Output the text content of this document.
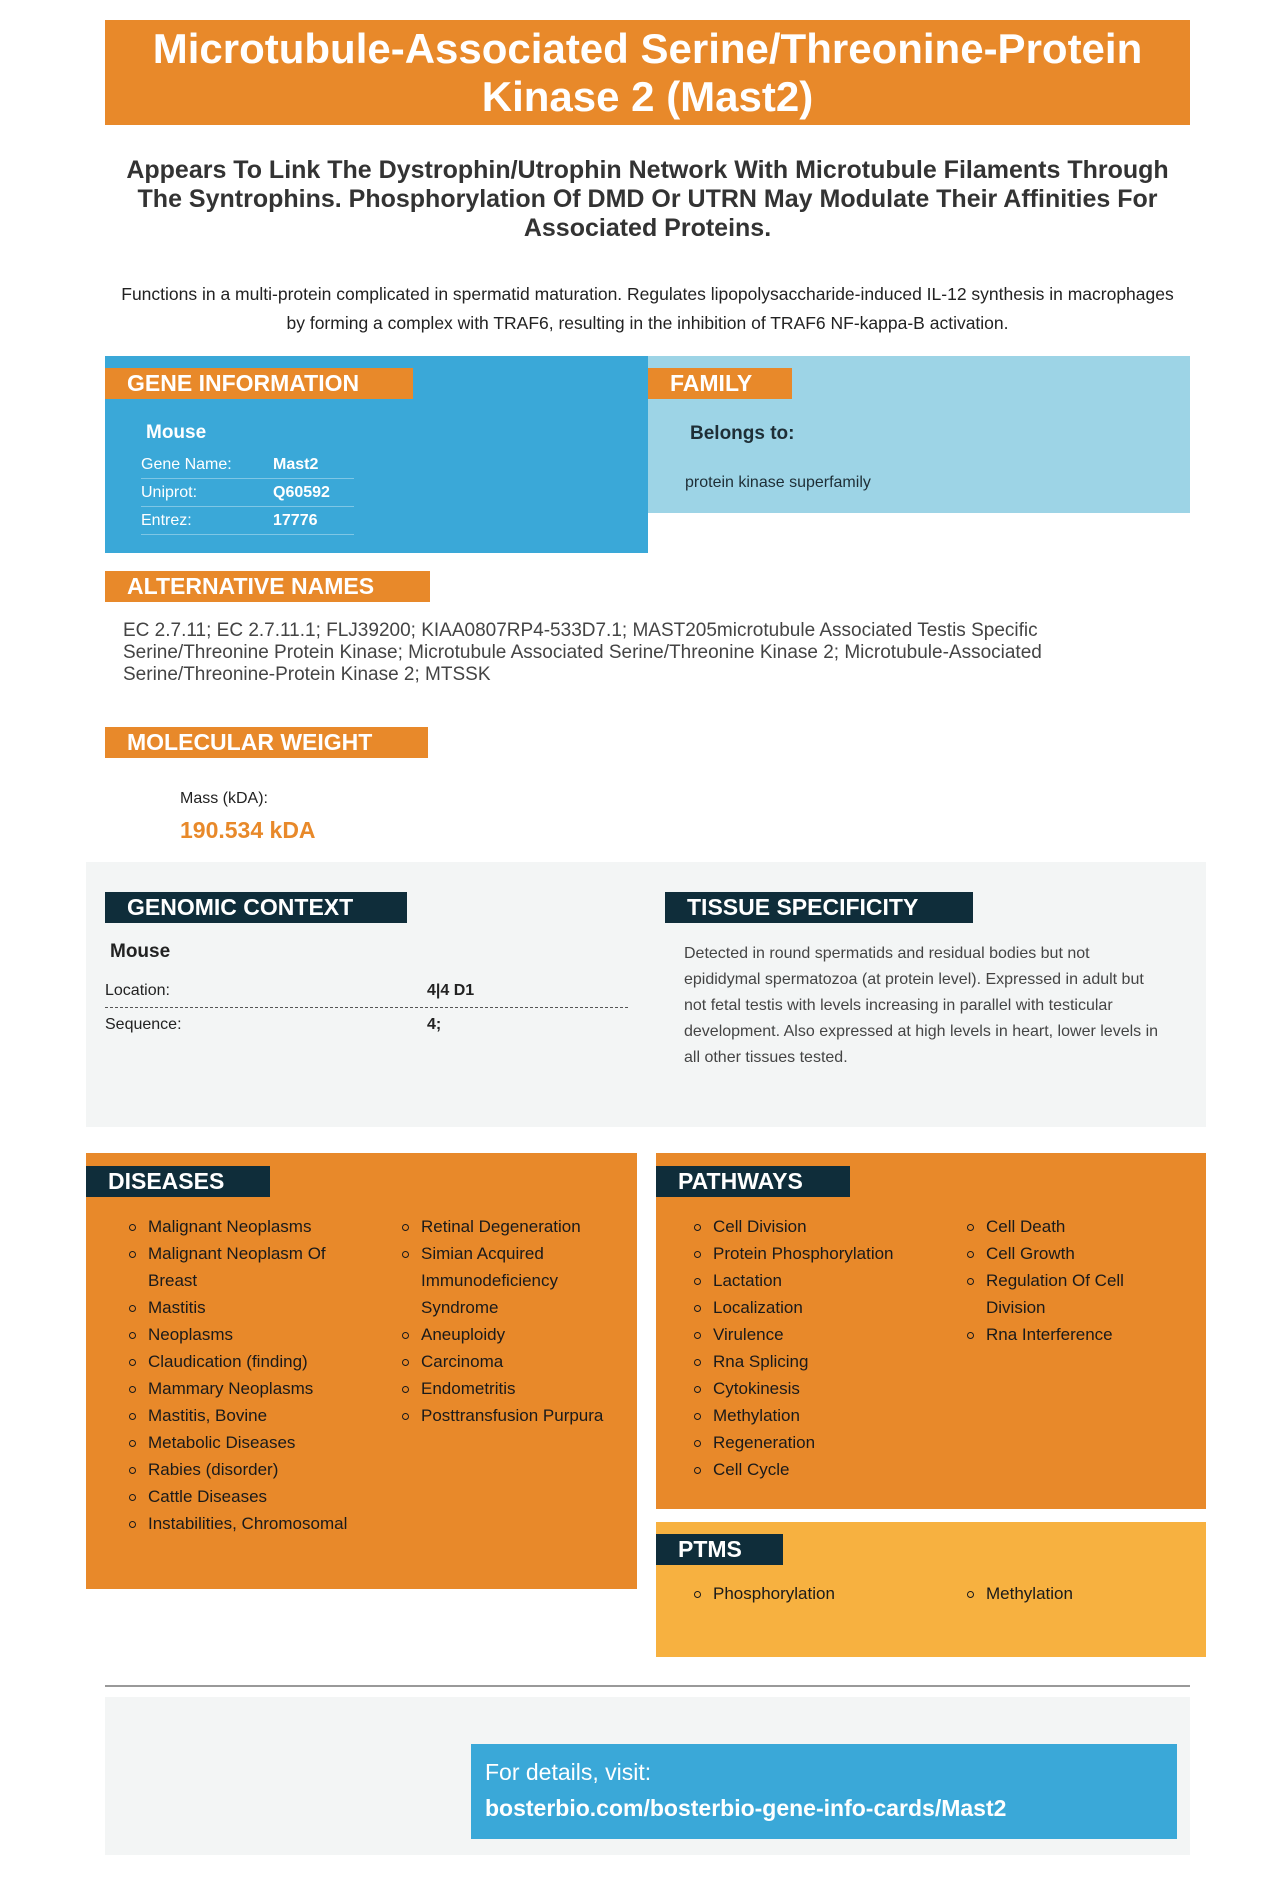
Microtubule-Associated Serine/Threonine-Protein Kinase 2 (Mast2)
Appears To Link The Dystrophin/Utrophin Network With Microtubule Filaments Through The Syntrophins. Phosphorylation Of DMD Or UTRN May Modulate Their Affinities For Associated Proteins.
Functions in a multi-protein complicated in spermatid maturation. Regulates lipopolysaccharide-induced IL-12 synthesis in macrophages by forming a complex with TRAF6, resulting in the inhibition of TRAF6 NF-kappa-B activation.
GENE INFORMATION	FAMILY
Mouse
Gene Name:	Mast2
Uniprot:	Q60592
Entrez:	17776
Belongs to:
protein kinase superfamily
ALTERNATIVE NAMES
EC 2.7.11; EC 2.7.11.1; FLJ39200; KIAA0807RP4-533D7.1; MAST205microtubule Associated Testis Specific Serine/Threonine Protein Kinase; Microtubule Associated Serine/Threonine Kinase 2; Microtubule-Associated Serine/Threonine-Protein Kinase 2; MTSSK
MOLECULAR WEIGHT
Mass (kDA):
190.534 kDA
GENOMIC CONTEXT	TISSUE SPECIFICITY
Mouse
Location:	4|4 D1
Sequence:	4;
Detected in round spermatids and residual bodies but not epididymal spermatozoa (at protein level). Expressed in adult but not fetal testis with levels increasing in parallel with testicular development. Also expressed at high levels in heart, lower levels in all other tissues tested.
DISEASES
Malignant Neoplasms
Malignant Neoplasm Of Breast
Mastitis
Neoplasms
Claudication (finding)
Mammary Neoplasms
Mastitis, Bovine
Metabolic Diseases
Rabies (disorder)
Cattle Diseases
Instabilities, Chromosomal
Retinal Degeneration
Simian Acquired Immunodeficiency Syndrome
Aneuploidy
Carcinoma
Endometritis
Posttransfusion Purpura
PATHWAYS
Cell Division
Protein Phosphorylation
Lactation
Localization
Virulence
Rna Splicing
Cytokinesis
Methylation
Regeneration
Cell Cycle
Cell Death
Cell Growth
Regulation Of Cell Division
Rna Interference
PTMS
Phosphorylation	Methylation
For details, visit:
bosterbio.com/bosterbio-gene-info-cards/Mast2
